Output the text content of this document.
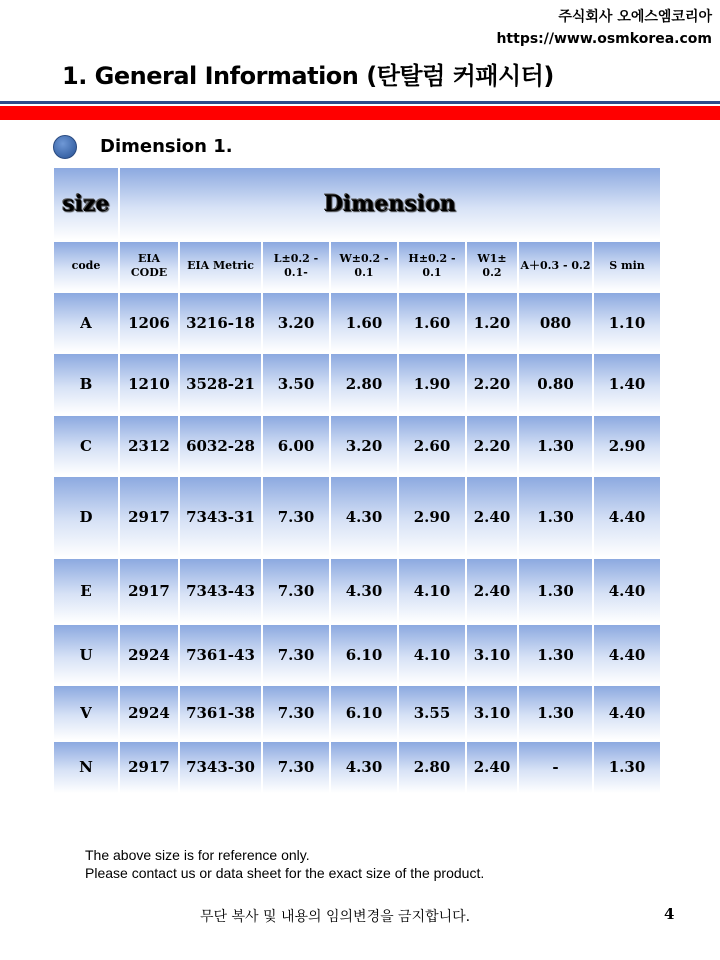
주식회사 오에스엠코리아
https://www.osmkorea.com
1. General Information (탄탈럼 커패시터)
Dimension 1.
size	Dimension							
code	EIA CODE	EIA Metric	L±0.2 - 0.1-	W±0.2 - 0.1	H±0.2 - 0.1	W1± 0.2	A＋0.3 - 0.2	S min
A	1206	3216-18	3.20	1.60	1.60	1.20	080	1.10
B	1210	3528-21	3.50	2.80	1.90	2.20	0.80	1.40
C	2312	6032-28	6.00	3.20	2.60	2.20	1.30	2.90
D	2917	7343-31	7.30	4.30	2.90	2.40	1.30	4.40
E	2917	7343-43	7.30	4.30	4.10	2.40	1.30	4.40
U	2924	7361-43	7.30	6.10	4.10	3.10	1.30	4.40
V	2924	7361-38	7.30	6.10	3.55	3.10	1.30	4.40
N	2917	7343-30	7.30	4.30	2.80	2.40	-	1.30
The above size is for reference only.
Please contact us or data sheet for the exact size of the product.
무단 복사 및 내용의 임의변경을 금지합니다.	4
